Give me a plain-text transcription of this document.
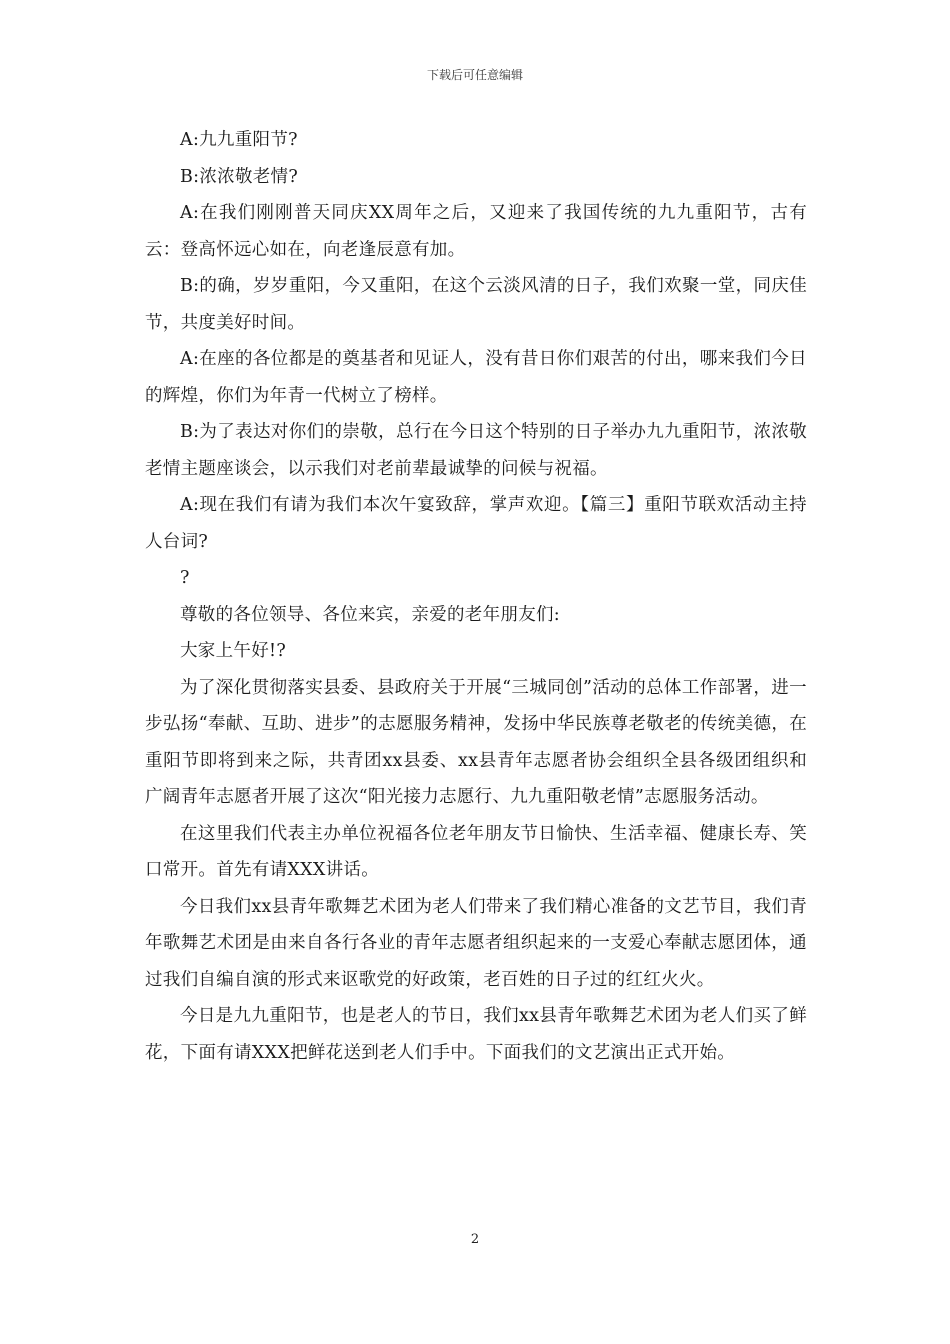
下载后可任意编辑

A:九九重阳节?

B:浓浓敬老情?

A:在我们刚刚普天同庆XX周年之后，又迎来了我国传统的九九重阳节，古有云：登高怀远心如在，向老逢辰意有加。

B:的确，岁岁重阳，今又重阳，在这个云淡风清的日子，我们欢聚一堂，同庆佳节，共度美好时间。

A:在座的各位都是的奠基者和见证人，没有昔日你们艰苦的付出，哪来我们今日的辉煌，你们为年青一代树立了榜样。

B:为了表达对你们的崇敬，总行在今日这个特别的日子举办九九重阳节，浓浓敬老情主题座谈会，以示我们对老前辈最诚挚的问候与祝福。

A:现在我们有请为我们本次午宴致辞，掌声欢迎。【篇三】重阳节联欢活动主持人台词?

?

尊敬的各位领导、各位来宾，亲爱的老年朋友们:

大家上午好!?

为了深化贯彻落实县委、县政府关于开展“三城同创”活动的总体工作部署，进一步弘扬“奉献、互助、进步”的志愿服务精神，发扬中华民族尊老敬老的传统美德，在重阳节即将到来之际，共青团xx县委、xx县青年志愿者协会组织全县各级团组织和广阔青年志愿者开展了这次“阳光接力志愿行、九九重阳敬老情”志愿服务活动。

在这里我们代表主办单位祝福各位老年朋友节日愉快、生活幸福、健康长寿、笑口常开。首先有请XXX讲话。

今日我们xx县青年歌舞艺术团为老人们带来了我们精心准备的文艺节目，我们青年歌舞艺术团是由来自各行各业的青年志愿者组织起来的一支爱心奉献志愿团体，通过我们自编自演的形式来讴歌党的好政策，老百姓的日子过的红红火火。

今日是九九重阳节，也是老人的节日，我们xx县青年歌舞艺术团为老人们买了鲜花，下面有请XXX把鲜花送到老人们手中。下面我们的文艺演出正式开始。

2
